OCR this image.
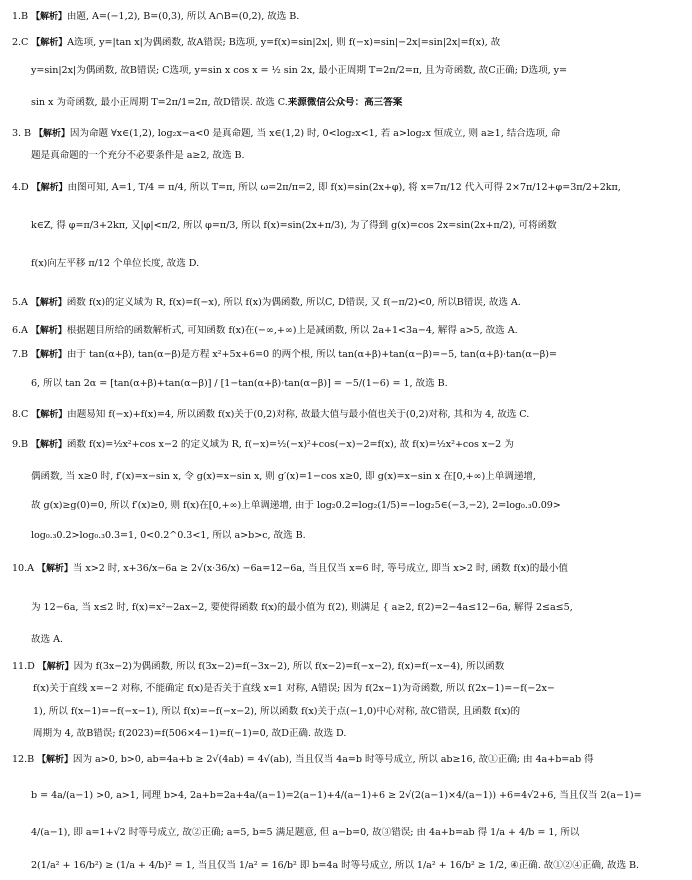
1.B 【解析】由题, A=(−1,2), B=(0,3), 所以 A∩B=(0,2), 故选 B.
2.C 【解析】A选项, y=|tan x|为偶函数, 故A错误; B选项, y=f(x)=sin|2x|, 则 f(−x)=sin|−2x|=sin|2x|=f(x), 故
y=sin|2x|为偶函数, 故B错误; C选项, y=sin x cos x = ½ sin 2x, 最小正周期 T=2π/2=π, 且为奇函数, 故C正确; D选项, y=
sin x 为奇函数, 最小正周期 T=2π/1=2π, 故D错误. 故选 C.来源微信公众号：高三答案
3. B 【解析】因为命题 ∀x∈(1,2), log₂x−a<0 是真命题, 当 x∈(1,2) 时, 0<log₂x<1, 若 a>log₂x 恒成立, 则 a≥1, 结合选项, 命
题是真命题的一个充分不必要条件是 a≥2, 故选 B.
4.D 【解析】由图可知, A=1, T/4 = π/4, 所以 T=π, 所以 ω=2π/π=2, 即 f(x)=sin(2x+φ), 将 x=7π/12 代入可得 2×7π/12+φ=3π/2+2kπ,
k∈Z, 得 φ=π/3+2kπ, 又|φ|<π/2, 所以 φ=π/3, 所以 f(x)=sin(2x+π/3), 为了得到 g(x)=cos 2x=sin(2x+π/2), 可将函数
f(x)向左平移 π/12 个单位长度, 故选 D.
5.A 【解析】函数 f(x)的定义域为 R, f(x)=f(−x), 所以 f(x)为偶函数, 所以C, D错误, 又 f(−π/2)<0, 所以B错误, 故选 A.
6.A 【解析】根据题目所给的函数解析式, 可知函数 f(x)在(−∞,+∞)上是减函数, 所以 2a+1<3a−4, 解得 a>5, 故选 A.
7.B 【解析】由于 tan(α+β), tan(α−β)是方程 x²+5x+6=0 的两个根, 所以 tan(α+β)+tan(α−β)=−5, tan(α+β)·tan(α−β)=
6, 所以 tan 2α = [tan(α+β)+tan(α−β)] / [1−tan(α+β)·tan(α−β)] = −5/(1−6) = 1, 故选 B.
8.C 【解析】由题易知 f(−x)+f(x)=4, 所以函数 f(x)关于(0,2)对称, 故最大值与最小值也关于(0,2)对称, 其和为 4, 故选 C.
9.B 【解析】函数 f(x)=½x²+cos x−2 的定义域为 R, f(−x)=½(−x)²+cos(−x)−2=f(x), 故 f(x)=½x²+cos x−2 为
偶函数, 当 x≥0 时, f′(x)=x−sin x, 令 g(x)=x−sin x, 则 g′(x)=1−cos x≥0, 即 g(x)=x−sin x 在[0,+∞)上单调递增,
故 g(x)≥g(0)=0, 所以 f′(x)≥0, 则 f(x)在[0,+∞)上单调递增, 由于 log₂0.2=log₂(1/5)=−log₂5∈(−3,−2), 2=log₀.₃0.09>
log₀.₃0.2>log₀.₃0.3=1, 0<0.2^0.3<1, 所以 a>b>c, 故选 B.
10.A 【解析】当 x>2 时, x+36/x−6a ≥ 2√(x·36/x) −6a=12−6a, 当且仅当 x=6 时, 等号成立, 即当 x>2 时, 函数 f(x)的最小值
为 12−6a, 当 x≤2 时, f(x)=x²−2ax−2, 要使得函数 f(x)的最小值为 f(2), 则满足 { a≥2, f(2)=2−4a≤12−6a, 解得 2≤a≤5,
故选 A.
11.D 【解析】因为 f(3x−2)为偶函数, 所以 f(3x−2)=f(−3x−2), 所以 f(x−2)=f(−x−2), f(x)=f(−x−4), 所以函数
f(x)关于直线 x=−2 对称, 不能确定 f(x)是否关于直线 x=1 对称, A错误; 因为 f(2x−1)为奇函数, 所以 f(2x−1)=−f(−2x−
1), 所以 f(x−1)=−f(−x−1), 所以 f(x)=−f(−x−2), 所以函数 f(x)关于点(−1,0)中心对称, 故C错误, 且函数 f(x)的
周期为 4, 故B错误; f(2023)=f(506×4−1)=f(−1)=0, 故D正确. 故选 D.
12.B 【解析】因为 a>0, b>0, ab=4a+b ≥ 2√(4ab) = 4√(ab), 当且仅当 4a=b 时等号成立, 所以 ab≥16, 故①正确; 由 4a+b=ab 得
b = 4a/(a−1) >0, a>1, 同理 b>4, 2a+b=2a+4a/(a−1)=2(a−1)+4/(a−1)+6 ≥ 2√(2(a−1)×4/(a−1)) +6=4√2+6, 当且仅当 2(a−1)=
4/(a−1), 即 a=1+√2 时等号成立, 故②正确; a=5, b=5 满足题意, 但 a−b=0, 故③错误; 由 4a+b=ab 得 1/a + 4/b = 1, 所以
2(1/a² + 16/b²) ≥ (1/a + 4/b)² = 1, 当且仅当 1/a² = 16/b² 即 b=4a 时等号成立, 所以 1/a² + 16/b² ≥ 1/2, ④正确. 故①②④正确, 故选 B.
